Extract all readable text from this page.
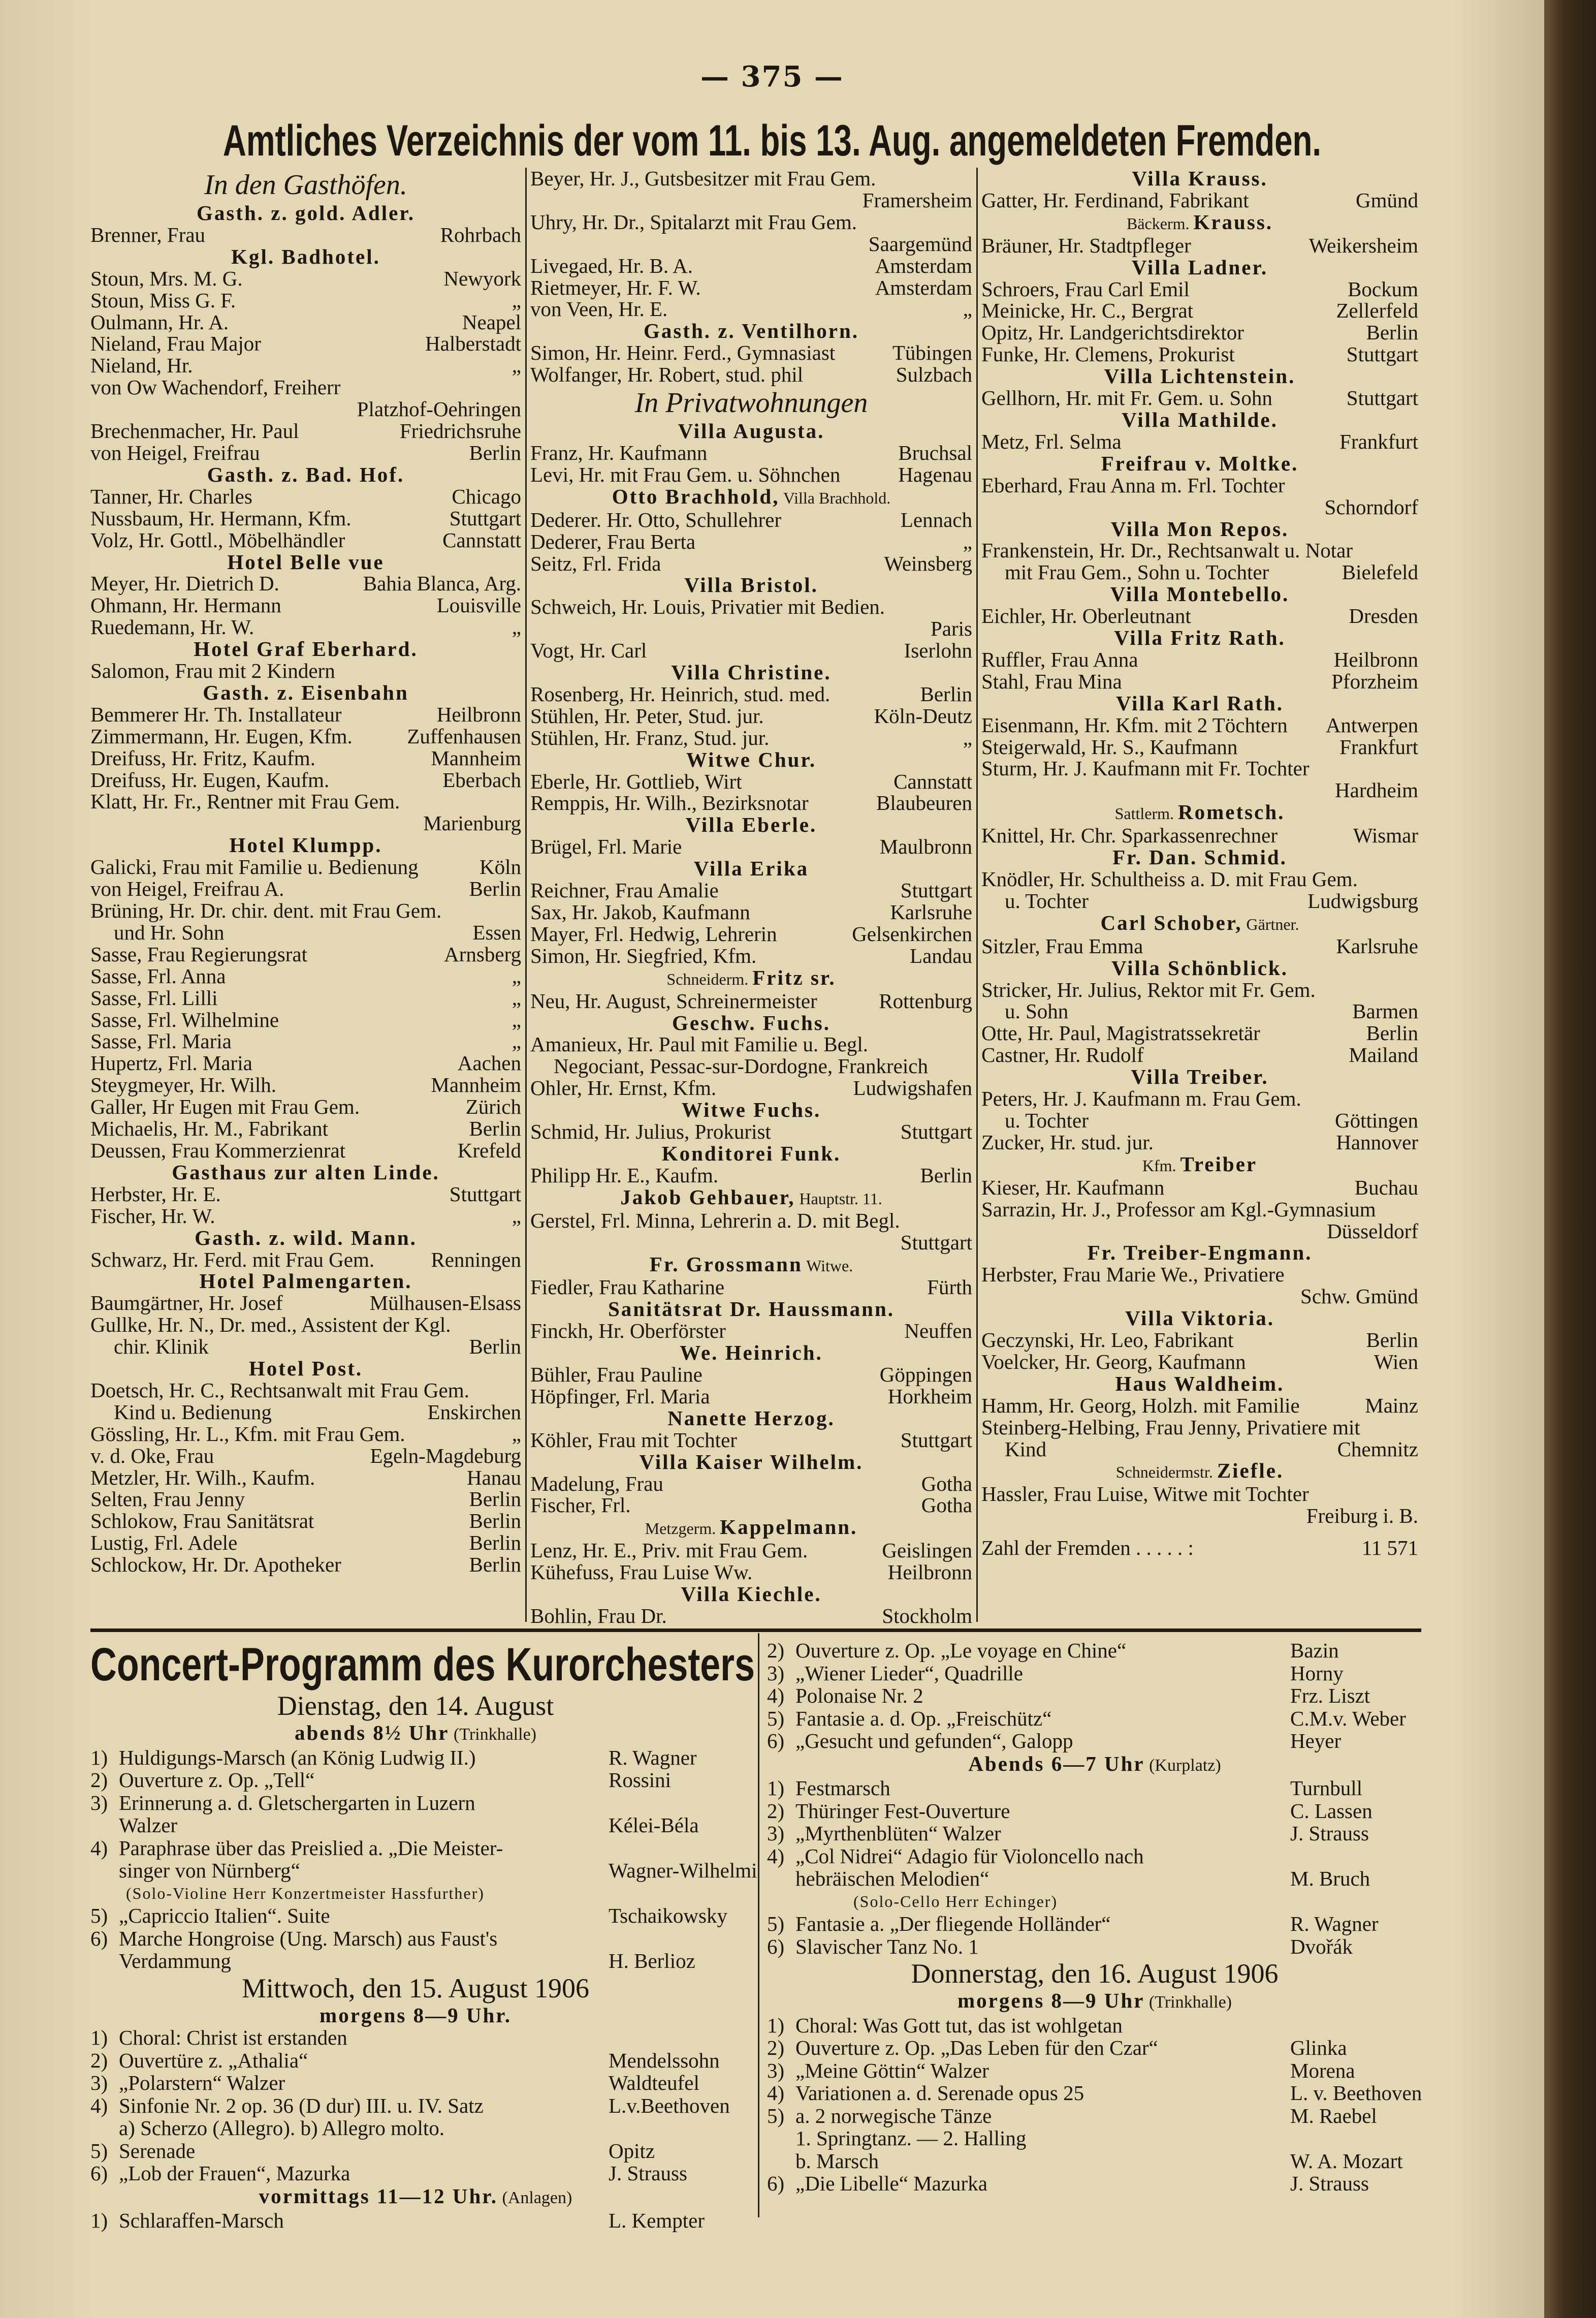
— 375 —
Amtliches Verzeichnis der vom 11. bis 13. Aug. angemeldeten Fremden.
In den Gasthöfen.
Gasth. z. gold. Adler.
Brenner, Frau	Rohrbach
Kgl. Badhotel.
Stoun, Mrs. M. G.	Newyork
Stoun, Miss G. F.	„
Oulmann, Hr. A.	Neapel
Nieland, Frau Major	Halberstadt
Nieland, Hr.	„
von Ow Wachendorf, Freiherr
Platzhof-Oehringen
Brechenmacher, Hr. Paul	Friedrichsruhe
von Heigel, Freifrau	Berlin
Gasth. z. Bad. Hof.
Tanner, Hr. Charles	Chicago
Nussbaum, Hr. Hermann, Kfm.	Stuttgart
Volz, Hr. Gottl., Möbelhändler	Cannstatt
Hotel Belle vue
Meyer, Hr. Dietrich D.	Bahia Blanca, Arg.
Ohmann, Hr. Hermann	Louisville
Ruedemann, Hr. W.	„
Hotel Graf Eberhard.
Salomon, Frau mit 2 Kindern
Gasth. z. Eisenbahn
Bemmerer Hr. Th. Installateur	Heilbronn
Zimmermann, Hr. Eugen, Kfm.	Zuffenhausen
Dreifuss, Hr. Fritz, Kaufm.	Mannheim
Dreifuss, Hr. Eugen, Kaufm.	Eberbach
Klatt, Hr. Fr., Rentner mit Frau Gem.
Marienburg
Hotel Klumpp.
Galicki, Frau mit Familie u. Bedienung	Köln
von Heigel, Freifrau A.	Berlin
Brüning, Hr. Dr. chir. dent. mit Frau Gem.
und Hr. Sohn	Essen
Sasse, Frau Regierungsrat	Arnsberg
Sasse, Frl. Anna	„
Sasse, Frl. Lilli	„
Sasse, Frl. Wilhelmine	„
Sasse, Frl. Maria	„
Hupertz, Frl. Maria	Aachen
Steygmeyer, Hr. Wilh.	Mannheim
Galler, Hr Eugen mit Frau Gem.	Zürich
Michaelis, Hr. M., Fabrikant	Berlin
Deussen, Frau Kommerzienrat	Krefeld
Gasthaus zur alten Linde.
Herbster, Hr. E.	Stuttgart
Fischer, Hr. W.	„
Gasth. z. wild. Mann.
Schwarz, Hr. Ferd. mit Frau Gem.	Renningen
Hotel Palmengarten.
Baumgärtner, Hr. Josef	Mülhausen-Elsass
Gullke, Hr. N., Dr. med., Assistent der Kgl.
chir. Klinik	Berlin
Hotel Post.
Doetsch, Hr. C., Rechtsanwalt mit Frau Gem.
Kind u. Bedienung	Enskirchen
Gössling, Hr. L., Kfm. mit Frau Gem.	„
v. d. Oke, Frau	Egeln-Magdeburg
Metzler, Hr. Wilh., Kaufm.	Hanau
Selten, Frau Jenny	Berlin
Schlokow, Frau Sanitätsrat	Berlin
Lustig, Frl. Adele	Berlin
Schlockow, Hr. Dr. Apotheker	Berlin
Beyer, Hr. J., Gutsbesitzer mit Frau Gem.
Framersheim
Uhry, Hr. Dr., Spitalarzt mit Frau Gem.
Saargemünd
Livegaed, Hr. B. A.	Amsterdam
Rietmeyer, Hr. F. W.	Amsterdam
von Veen, Hr. E.	„
Gasth. z. Ventilhorn.
Simon, Hr. Heinr. Ferd., Gymnasiast	Tübingen
Wolfanger, Hr. Robert, stud. phil	Sulzbach
In Privatwohnungen
Villa Augusta.
Franz, Hr. Kaufmann	Bruchsal
Levi, Hr. mit Frau Gem. u. Söhnchen	Hagenau
Otto Brachhold, Villa Brachhold.
Dederer. Hr. Otto, Schullehrer	Lennach
Dederer, Frau Berta	„
Seitz, Frl. Frida	Weinsberg
Villa Bristol.
Schweich, Hr. Louis, Privatier mit Bedien.
Paris
Vogt, Hr. Carl	Iserlohn
Villa Christine.
Rosenberg, Hr. Heinrich, stud. med.	Berlin
Stühlen, Hr. Peter, Stud. jur.	Köln-Deutz
Stühlen, Hr. Franz, Stud. jur.	„
Witwe Chur.
Eberle, Hr. Gottlieb, Wirt	Cannstatt
Remppis, Hr. Wilh., Bezirksnotar	Blaubeuren
Villa Eberle.
Brügel, Frl. Marie	Maulbronn
Villa Erika
Reichner, Frau Amalie	Stuttgart
Sax, Hr. Jakob, Kaufmann	Karlsruhe
Mayer, Frl. Hedwig, Lehrerin	Gelsenkirchen
Simon, Hr. Siegfried, Kfm.	Landau
Schneiderm. Fritz sr.
Neu, Hr. August, Schreinermeister	Rottenburg
Geschw. Fuchs.
Amanieux, Hr. Paul mit Familie u. Begl.
Negociant, Pessac-sur-Dordogne, Frankreich
Ohler, Hr. Ernst, Kfm.	Ludwigshafen
Witwe Fuchs.
Schmid, Hr. Julius, Prokurist	Stuttgart
Konditorei Funk.
Philipp Hr. E., Kaufm.	Berlin
Jakob Gehbauer, Hauptstr. 11.
Gerstel, Frl. Minna, Lehrerin a. D. mit Begl.
Stuttgart
Fr. Grossmann Witwe.
Fiedler, Frau Katharine	Fürth
Sanitätsrat Dr. Haussmann.
Finckh, Hr. Oberförster	Neuffen
We. Heinrich.
Bühler, Frau Pauline	Göppingen
Höpfinger, Frl. Maria	Horkheim
Nanette Herzog.
Köhler, Frau mit Tochter	Stuttgart
Villa Kaiser Wilhelm.
Madelung, Frau	Gotha
Fischer, Frl.	Gotha
Metzgerm. Kappelmann.
Lenz, Hr. E., Priv. mit Frau Gem.	Geislingen
Kühefuss, Frau Luise Ww.	Heilbronn
Villa Kiechle.
Bohlin, Frau Dr.	Stockholm
Villa Krauss.
Gatter, Hr. Ferdinand, Fabrikant	Gmünd
Bäckerm. Krauss.
Bräuner, Hr. Stadtpfleger	Weikersheim
Villa Ladner.
Schroers, Frau Carl Emil	Bockum
Meinicke, Hr. C., Bergrat	Zellerfeld
Opitz, Hr. Landgerichtsdirektor	Berlin
Funke, Hr. Clemens, Prokurist	Stuttgart
Villa Lichtenstein.
Gellhorn, Hr. mit Fr. Gem. u. Sohn	Stuttgart
Villa Mathilde.
Metz, Frl. Selma	Frankfurt
Freifrau v. Moltke.
Eberhard, Frau Anna m. Frl. Tochter
Schorndorf
Villa Mon Repos.
Frankenstein, Hr. Dr., Rechtsanwalt u. Notar
mit Frau Gem., Sohn u. Tochter	Bielefeld
Villa Montebello.
Eichler, Hr. Oberleutnant	Dresden
Villa Fritz Rath.
Ruffler, Frau Anna	Heilbronn
Stahl, Frau Mina	Pforzheim
Villa Karl Rath.
Eisenmann, Hr. Kfm. mit 2 Töchtern Antwerpen
Steigerwald, Hr. S., Kaufmann	Frankfurt
Sturm, Hr. J. Kaufmann mit Fr. Tochter
Hardheim
Sattlerm. Rometsch.
Knittel, Hr. Chr. Sparkassenrechner	Wismar
Fr. Dan. Schmid.
Knödler, Hr. Schultheiss a. D. mit Frau Gem.
u. Tochter	Ludwigsburg
Carl Schober, Gärtner.
Sitzler, Frau Emma	Karlsruhe
Villa Schönblick.
Stricker, Hr. Julius, Rektor mit Fr. Gem.
u. Sohn	Barmen
Otte, Hr. Paul, Magistratssekretär	Berlin
Castner, Hr. Rudolf	Mailand
Villa Treiber.
Peters, Hr. J. Kaufmann m. Frau Gem.
u. Tochter	Göttingen
Zucker, Hr. stud. jur.	Hannover
Kfm. Treiber
Kieser, Hr. Kaufmann	Buchau
Sarrazin, Hr. J., Professor am Kgl.-Gymnasium
Düsseldorf
Fr. Treiber-Engmann.
Herbster, Frau Marie We., Privatiere
Schw. Gmünd
Villa Viktoria.
Geczynski, Hr. Leo, Fabrikant	Berlin
Voelcker, Hr. Georg, Kaufmann	Wien
Haus Waldheim.
Hamm, Hr. Georg, Holzh. mit Familie	Mainz
Steinberg-Helbing, Frau Jenny, Privatiere mit
Kind	Chemnitz
Schneidermstr. Ziefle.
Hassler, Frau Luise, Witwe mit Tochter
Freiburg i. B.
Zahl der Fremden . . . . . :	11 571
Concert-Programm des Kurorchesters
Dienstag, den 14. August
abends 8½ Uhr (Trinkhalle)
1) Huldigungs-Marsch (an König Ludwig II.)	R. Wagner
2) Ouverture z. Op. „Tell“	Rossini
3) Erinnerung a. d. Gletschergarten in Luzern
Walzer	Kélei-Béla
4) Paraphrase über das Preislied a. „Die Meister-
singer von Nürnberg“	Wagner-Wilhelmi
(Solo-Violine Herr Konzertmeister Hassfurther)
5) „Capriccio Italien“. Suite	Tschaikowsky
6) Marche Hongroise (Ung. Marsch) aus Faust's
Verdammung	H. Berlioz
Mittwoch, den 15. August 1906
morgens 8—9 Uhr.
1) Choral: Christ ist erstanden
2) Ouvertüre z. „Athalia“	Mendelssohn
3) „Polarstern“ Walzer	Waldteufel
4) Sinfonie Nr. 2 op. 36 (D dur) III. u. IV. Satz	L.v.Beethoven
a) Scherzo (Allegro). b) Allegro molto.
5) Serenade	Opitz
6) „Lob der Frauen“, Mazurka	J. Strauss
vormittags 11—12 Uhr. (Anlagen)
1) Schlaraffen-Marsch	L. Kempter
2) Ouverture z. Op. „Le voyage en Chine“	Bazin
3) „Wiener Lieder“, Quadrille	Hornу
4) Polonaise Nr. 2	Frz. Liszt
5) Fantasie a. d. Op. „Freischütz“	C.M.v. Weber
6) „Gesucht und gefunden“, Galopp	Heyer
Abends 6—7 Uhr (Kurplatz)
1) Festmarsch	Turnbull
2) Thüringer Fest-Ouverture	C. Lassen
3) „Myrthenblüten“ Walzer	J. Strauss
4) „Col Nidrei“ Adagio für Violoncello nach
hebräischen Melodien“	M. Bruch
(Solo-Cello Herr Echinger)
5) Fantasie a. „Der fliegende Holländer“	R. Wagner
6) Slavischer Tanz No. 1	Dvořák
Donnerstag, den 16. August 1906
morgens 8—9 Uhr (Trinkhalle)
1) Choral: Was Gott tut, das ist wohlgetan
2) Ouverture z. Op. „Das Leben für den Czar“	Glinka
3) „Meine Göttin“ Walzer	Morena
4) Variationen a. d. Serenade opus 25	L. v. Beethoven
5) a. 2 norwegische Tänze	M. Raebel
1. Springtanz. — 2. Halling
b. Marsch	W. A. Mozart
6) „Die Libelle“ Mazurka	J. Strauss
